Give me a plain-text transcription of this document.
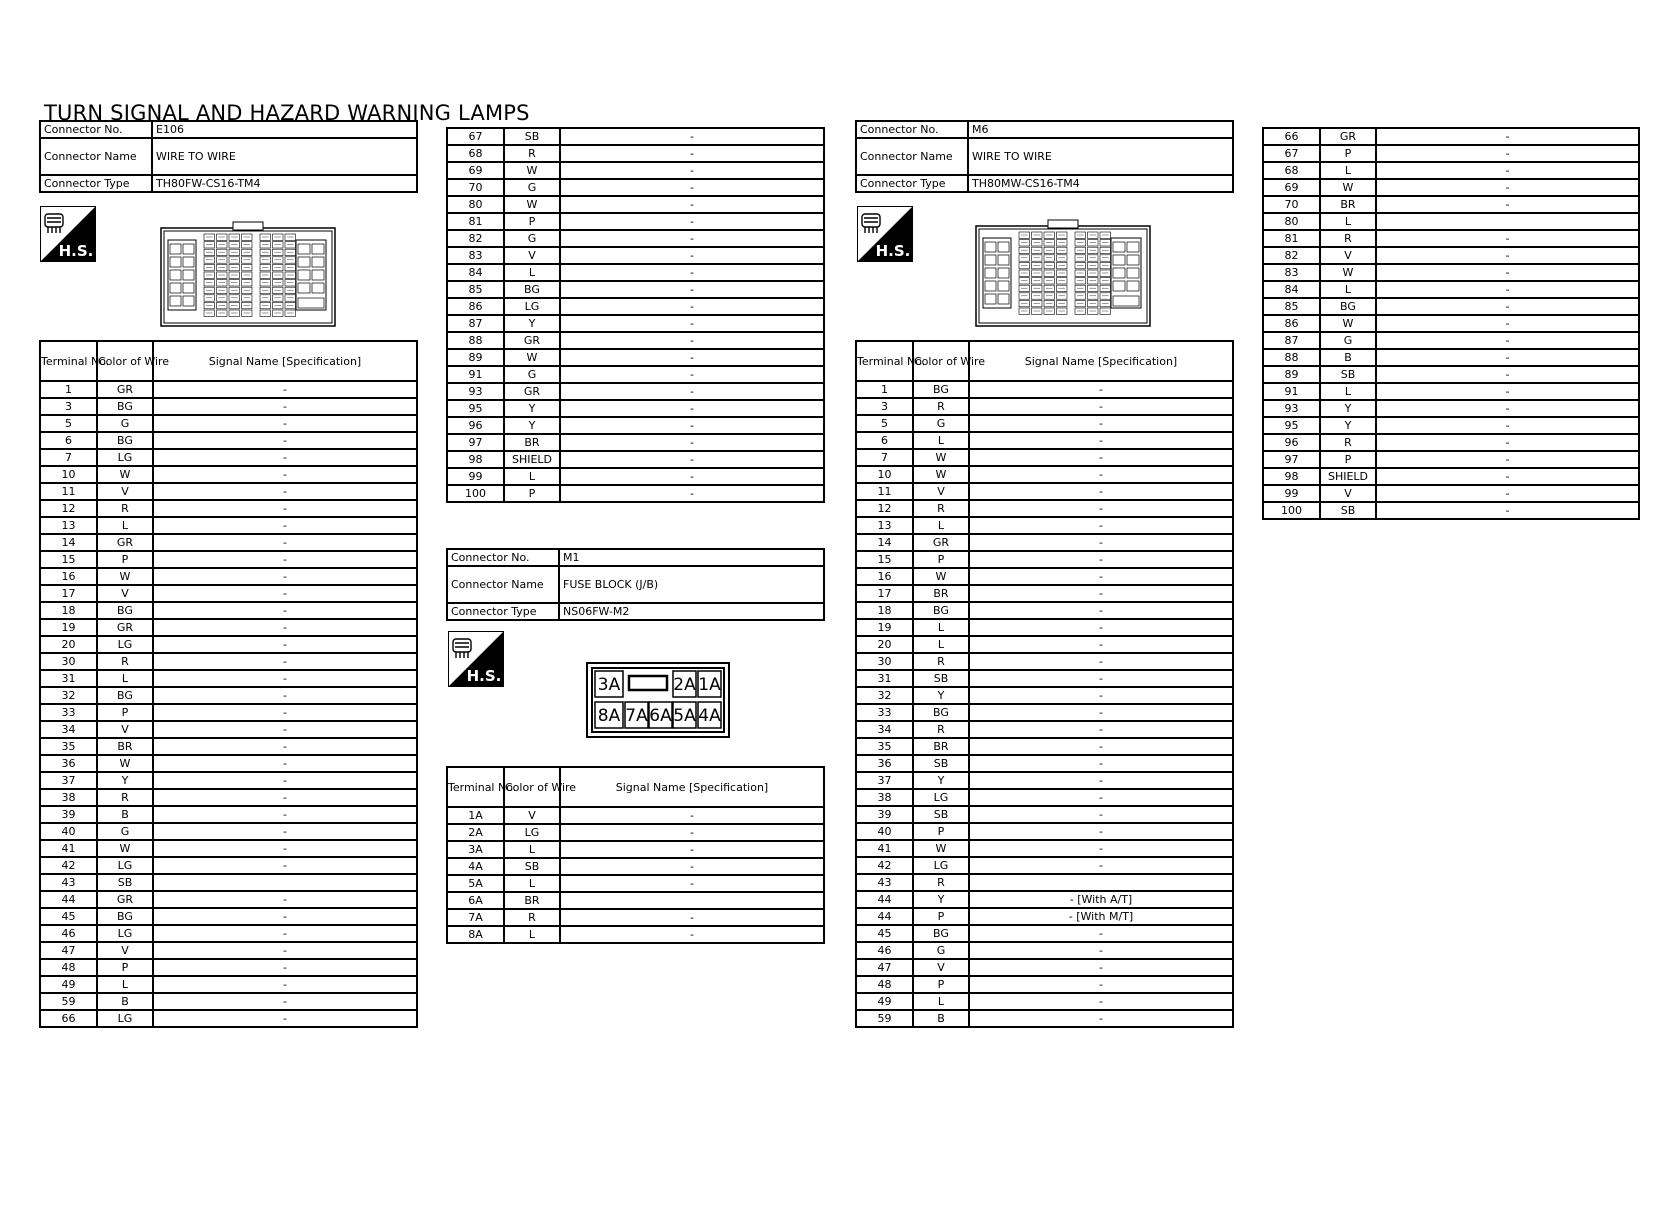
TURN SIGNAL AND HAZARD WARNING LAMPS
Connector No.	E106
Connector Name	WIRE TO WIRE
Connector Type	TH80FW-CS16-TM4
H.S.
Terminal No.	Color of Wire	Signal Name [Specification]
1	GR	-
3	BG	-
5	G	-
6	BG	-
7	LG	-
10	W	-
11	V	-
12	R	-
13	L	-
14	GR	-
15	P	-
16	W	-
17	V	-
18	BG	-
19	GR	-
20	LG	-
30	R	-
31	L	-
32	BG	-
33	P	-
34	V	-
35	BR	-
36	W	-
37	Y	-
38	R	-
39	B	-
40	G	-
41	W	-
42	LG	-
43	SB	
44	GR	-
45	BG	-
46	LG	-
47	V	-
48	P	-
49	L	-
59	B	-
66	LG	-
67	SB	-
68	R	-
69	W	-
70	G	-
80	W	-
81	P	-
82	G	-
83	V	-
84	L	-
85	BG	-
86	LG	-
87	Y	-
88	GR	-
89	W	-
91	G	-
93	GR	-
95	Y	-
96	Y	-
97	BR	-
98	SHIELD	-
99	L	-
100	P	-
Connector No.	M1
Connector Name	FUSE BLOCK (J/B)
Connector Type	NS06FW-M2
H.S.	3A	2A 1A
8A 7A 6A 5A 4A
Terminal No.	Color of Wire	Signal Name [Specification]
1A	V	-
2A	LG	-
3A	L	-
4A	SB	-
5A	L	-
6A	BR	
7A	R	-
8A	L	-
Connector No.	M6
Connector Name	WIRE TO WIRE
Connector Type	TH80MW-CS16-TM4
H.S.
Terminal No.	Color of Wire	Signal Name [Specification]
1	BG	-
3	R	-
5	G	-
6	L	-
7	W	-
10	W	-
11	V	-
12	R	-
13	L	-
14	GR	-
15	P	-
16	W	-
17	BR	-
18	BG	-
19	L	-
20	L	-
30	R	-
31	SB	-
32	Y	-
33	BG	-
34	R	-
35	BR	-
36	SB	-
37	Y	-
38	LG	-
39	SB	-
40	P	-
41	W	-
42	LG	-
43	R	
44	Y	- [With A/T]
44	P	- [With M/T]
45	BG	-
46	G	-
47	V	-
48	P	-
49	L	-
59	B	-
66	GR	-
67	P	-
68	L	-
69	W	-
70	BR	-
80	L	
81	R	-
82	V	-
83	W	-
84	L	-
85	BG	-
86	W	-
87	G	-
88	B	-
89	SB	-
91	L	-
93	Y	-
95	Y	-
96	R	-
97	P	-
98	SHIELD	-
99	V	-
100	SB	-
